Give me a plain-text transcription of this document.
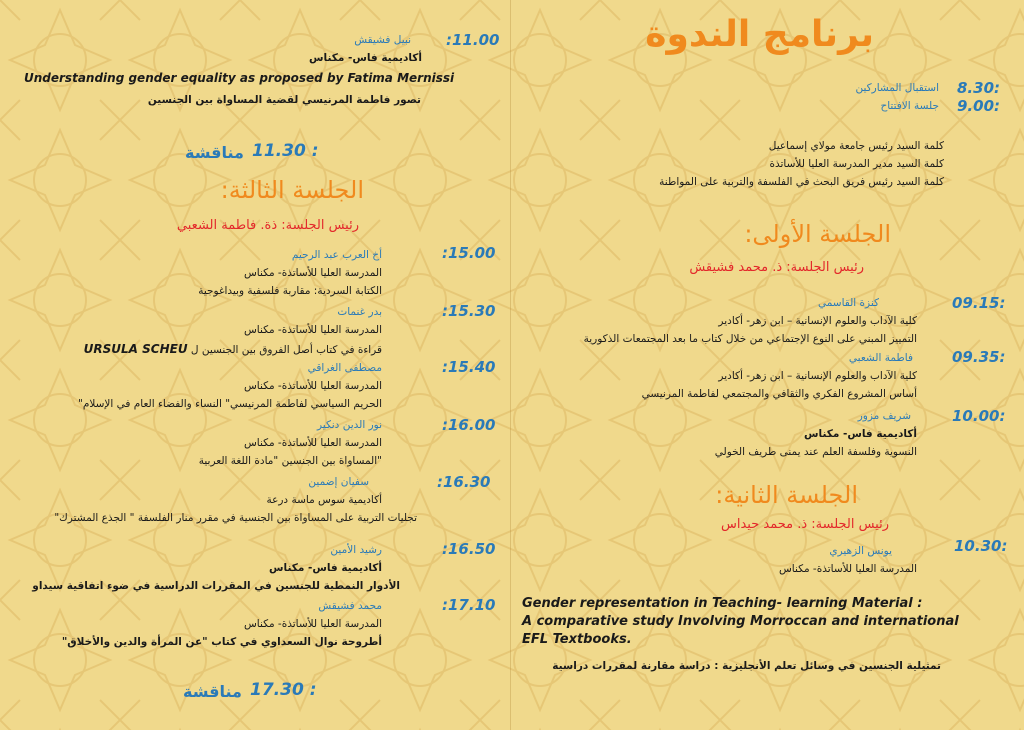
برنامج الندوة
8.30:
استقبال المشاركين
9.00:
جلسة الافتتاح
كلمة السيد رئيس جامعة مولاي إسماعيل
كلمة السيد مدير المدرسة العليا للأساتذة
كلمة السيد رئيس فريق البحث في الفلسفة والتربية على المواطنة
الجلسة الأولى:
رئيس الجلسة: ذ. محمد فشيقش
09.15:
كنزة القاسمي
كلية الآداب والعلوم الإنسانية – ابن زهر- أكادير
التمييز المبني على النوع الإجتماعي من خلال كتاب ما بعد المجتمعات الذكورية
09.35:
فاطمة الشعبي
كلية الآداب والعلوم الإنسانية – ابن زهر- أكادير
أساس المشروع الفكري والثقافي والمجتمعي لفاطمة المرنيسي
10.00:
شريف مزور
أكاديمية فاس- مكناس
النسوية وفلسفة العلم عند يمنى طريف الخولي
الجلسة الثانية:
رئيس الجلسة: ذ. محمد حيداس
10.30:
يونس الزهيري
المدرسة العليا للأساتذة- مكناس
Gender representation in Teaching- learning Material :
A comparative study Involving Morroccan and international
EFL Textbooks.
تمثيلية الجنسين في وسائل تعلم الأنجليزية : دراسة مقارنة لمقررات دراسية
:11.00
نبيل فشيقش
أكاديمية فاس- مكناس
Understanding gender equality as proposed by Fatima Mernissi
تصور فاطمة المرنيسي لقضية المساواة بين الجنسين
11.30 :
مناقشة
الجلسة الثالثة:
رئيس الجلسة: ذة. فاطمة الشعبي
:15.00
أخ العرب عبد الرحيم
المدرسة العليا للأساتذة- مكناس
الكتابة السردية: مقاربة فلسفية وبيداغوجية
:15.30
بدر غنمات
المدرسة العليا للأساتذة- مكناس
قراءة في كتاب أصل الفروق بين الجنسين ل URSULA SCHEU
:15.40
مصطفى الغراقي
المدرسة العليا للأساتذة- مكناس
الحريم السياسي لفاطمة المرنيسي" النساء والفضاء العام في الإسلام"
:16.00
نور الدين دنكير
المدرسة العليا للأساتذة- مكناس
"المساواة بين الجنسين "مادة اللغة العربية
:16.30
سفيان إضمين
أكاديمية سوس ماسة درعة
تجليات التربية على المساواة بين الجنسية في مقرر منار الفلسفة " الجذع المشترك"
:16.50
رشيد الأمين
أكاديمية فاس- مكناس
الأدوار النمطية للجنسين في المقررات الدراسية في ضوء اتفاقية سيداو
:17.10
محمد فشيقش
المدرسة العليا للأساتذة- مكناس
أطروحة نوال السعداوي في كتاب "عن المرأة والدين والأخلاق"
17.30 :
مناقشة
